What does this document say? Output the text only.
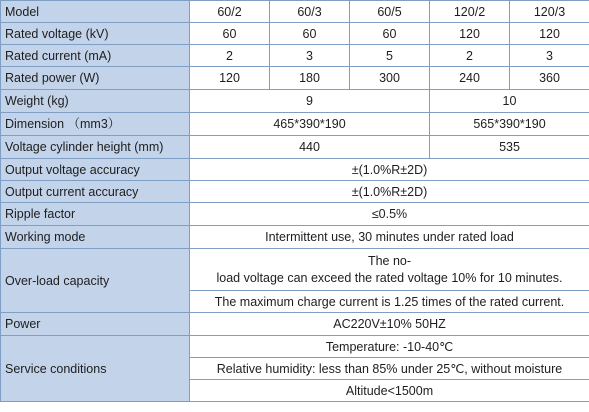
Model	60/2	60/3	60/5	120/2	120/3
Rated voltage (kV)	60	60	60	120	120
Rated current (mA)	2	3	5	2	3
Rated power (W)	120	180	300	240	360
Weight (kg)	9			10	
Dimension （mm3）	465*390*190			565*390*190	
Voltage cylinder height (mm)	440			535	
Output voltage accuracy	±(1.0%R±2D)				
Output current accuracy	±(1.0%R±2D)				
Ripple factor	≤0.5%				
Working mode	Intermittent use, 30 minutes under rated load				
Over-load capacity	The no-
load voltage can exceed the rated voltage 10% for 10 minutes.				
	The maximum charge current is 1.25 times of the rated current.				
Power	AC220V±10% 50HZ				
Service conditions	Temperature: -10-40℃				
	Relative humidity: less than 85% under 25℃, without moisture				
	Altitude<1500m				
